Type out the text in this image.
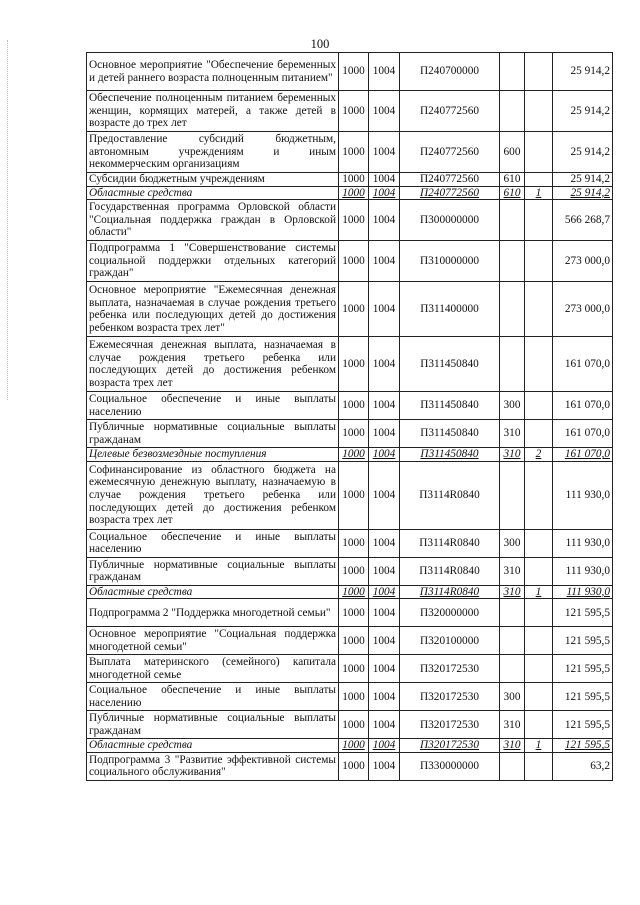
100
Основное мероприятие "Обеспечение беременных и детей раннего возраста полноценным питанием"	1000	1004	П240700000			25 914,2
Обеспечение полноценным питанием беременных женщин, кормящих матерей, а также детей в возрасте до трех лет	1000	1004	П240772560			25 914,2
Предоставление субсидий бюджетным, автономным учреждениям и иным некоммерческим организациям	1000	1004	П240772560	600		25 914,2
Субсидии бюджетным учреждениям	1000	1004	П240772560	610		25 914,2
Областные средства	1000	1004	П240772560	610	1	25 914,2
Государственная программа Орловской области "Социальная поддержка граждан в Орловской области"	1000	1004	П300000000			566 268,7
Подпрограмма 1 "Совершенствование системы социальной поддержки отдельных категорий граждан"	1000	1004	П310000000			273 000,0
Основное мероприятие "Ежемесячная денежная выплата, назначаемая в случае рождения третьего ребенка или последующих детей до достижения ребенком возраста трех лет"	1000	1004	П311400000			273 000,0
Ежемесячная денежная выплата, назначаемая в случае рождения третьего ребенка или последующих детей до достижения ребенком возраста трех лет	1000	1004	П311450840			161 070,0
Социальное обеспечение и иные выплаты населению	1000	1004	П311450840	300		161 070,0
Публичные нормативные социальные выплаты гражданам	1000	1004	П311450840	310		161 070,0
Целевые безвозмездные поступления	1000	1004	П311450840	310	2	161 070,0
Софинансирование из областного бюджета на ежемесячную денежную выплату, назначаемую в случае рождения третьего ребенка или последующих детей до достижения ребенком возраста трех лет	1000	1004	П3114R0840			111 930,0
Социальное обеспечение и иные выплаты населению	1000	1004	П3114R0840	300		111 930,0
Публичные нормативные социальные выплаты гражданам	1000	1004	П3114R0840	310		111 930,0
Областные средства	1000	1004	П3114R0840	310	1	111 930,0
Подпрограмма 2 "Поддержка многодетной семьи"	1000	1004	П320000000			121 595,5
Основное мероприятие "Социальная поддержка многодетной семьи"	1000	1004	П320100000			121 595,5
Выплата материнского (семейного) капитала многодетной семье	1000	1004	П320172530			121 595,5
Социальное обеспечение и иные выплаты населению	1000	1004	П320172530	300		121 595,5
Публичные нормативные социальные выплаты гражданам	1000	1004	П320172530	310		121 595,5
Областные средства	1000	1004	П320172530	310	1	121 595,5
Подпрограмма 3 "Развитие эффективной системы социального обслуживания"	1000	1004	П330000000			63,2
